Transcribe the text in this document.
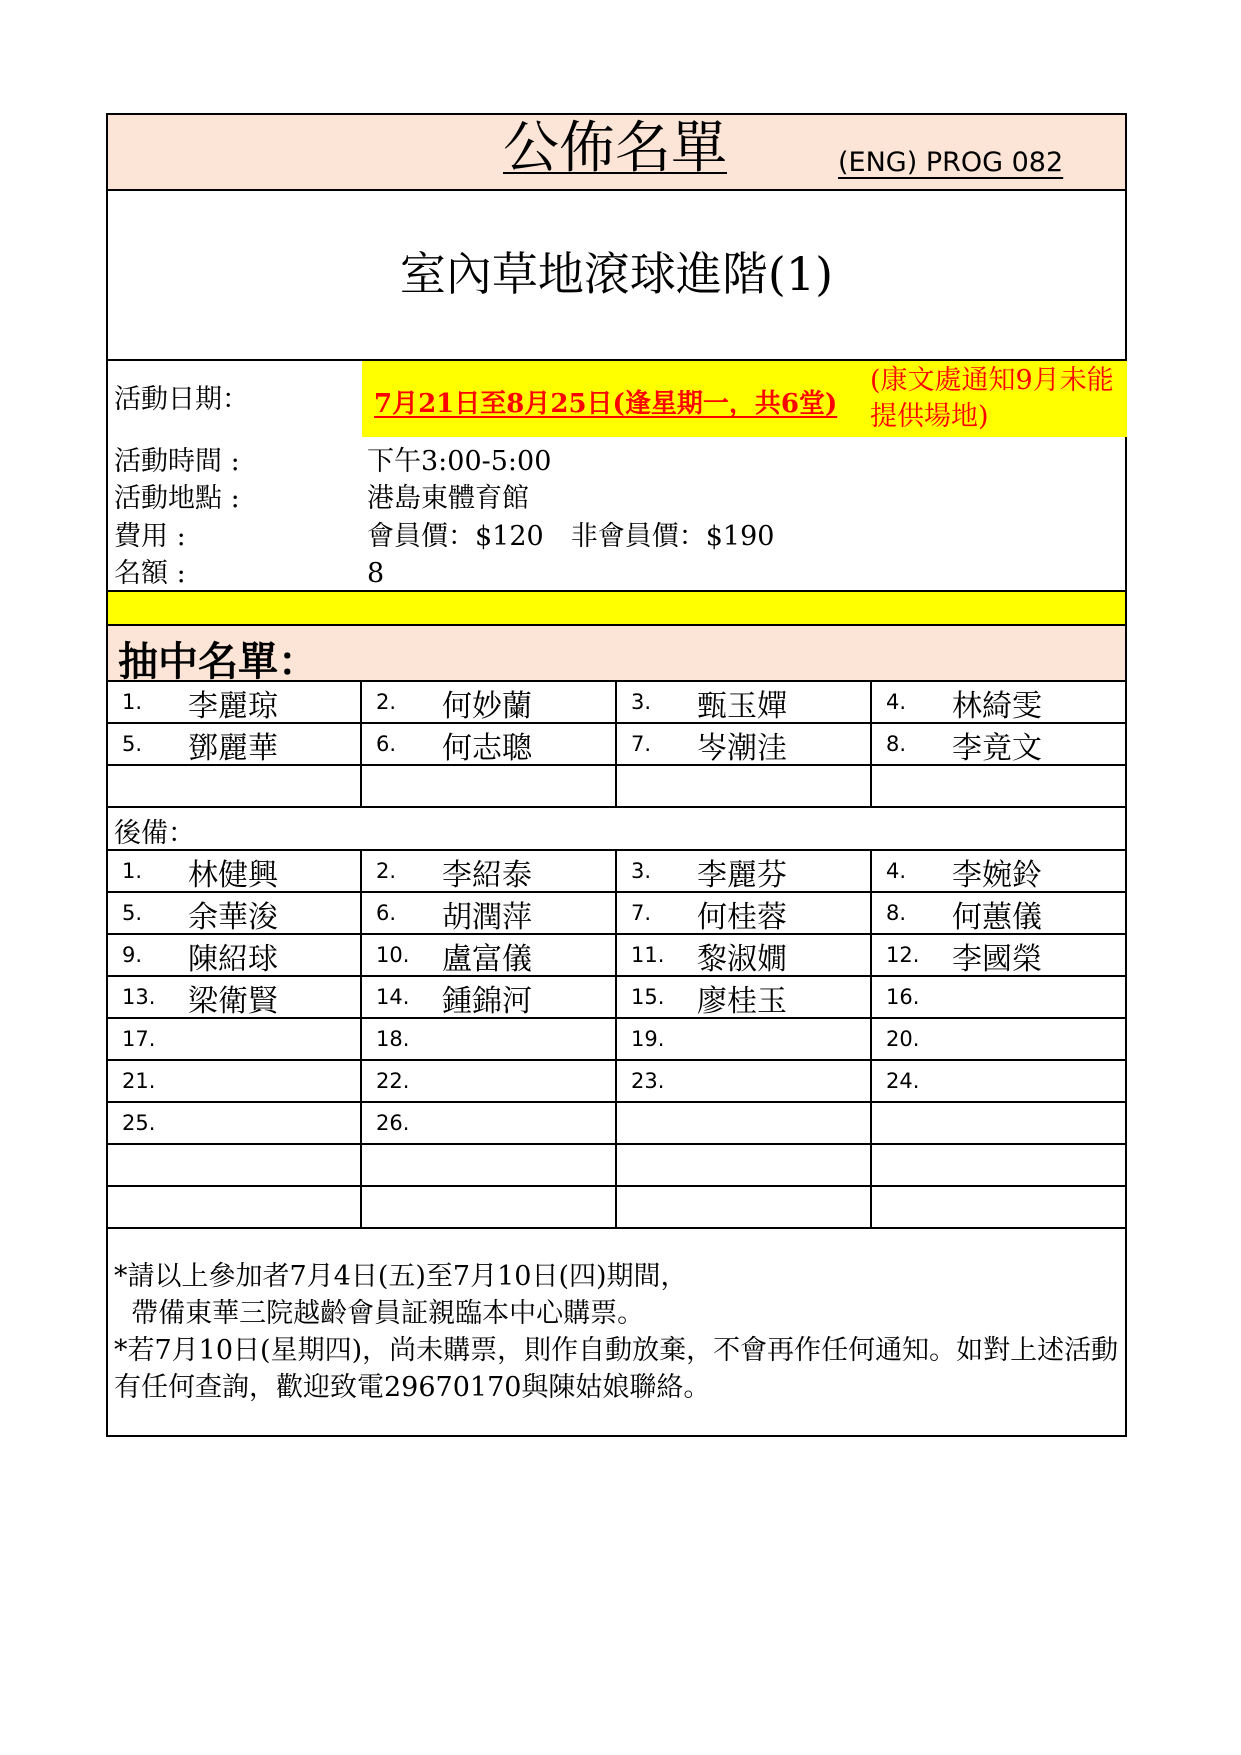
公佈名單	(ENG) PROG 082
室內草地滾球進階(1)
活動日期：	7月21日至8月25日(逢星期一，共6堂)
(康文處通知9月未能提供場地)
活動時間 :	下午3:00-5:00
活動地點 :	港島東體育館
費用 :	會員價：$120　非會員價：$190
名額 :	8
抽中名單：
1. 李麗琼	2. 何妙蘭	3. 甄玉嬋	4. 林綺雯
5. 鄧麗華	6. 何志聰	7. 岑潮洼	8. 李竟文
後備：
1. 林健興	2. 李紹泰	3. 李麗芬	4. 李婉鈴
5. 余華浚	6. 胡潤萍	7. 何桂蓉	8. 何蕙儀
9. 陳紹球	10. 盧富儀	11. 黎淑嫺	12. 李國榮
13. 梁衛賢	14. 鍾錦河	15. 廖桂玉	16.
17.	18.	19.	20.
21.	22.	23.	24.
25.	26.
*請以上參加者7月4日(五)至7月10日(四)期間，
帶備東華三院越齡會員証親臨本中心購票。
*若7月10日(星期四)，尚未購票，則作自動放棄，不會再作任何通知。如對上述活動有任何查詢，歡迎致電29670170與陳姑娘聯絡。
